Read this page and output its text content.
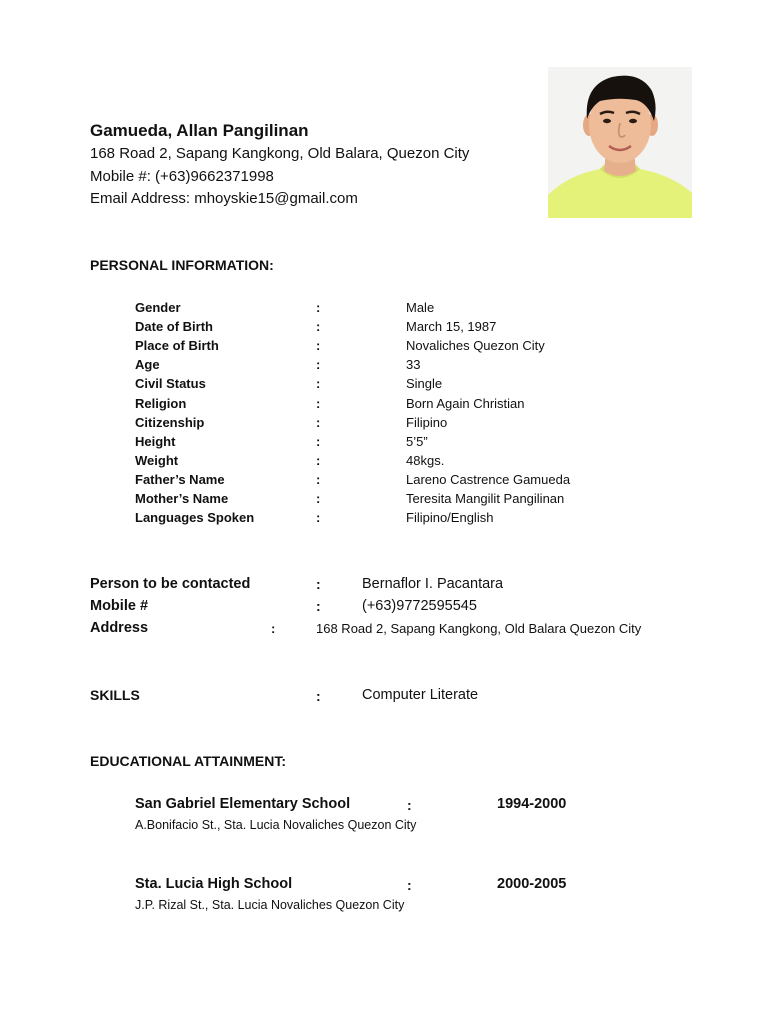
Gamueda, Allan Pangilinan
168 Road 2, Sapang Kangkong, Old Balara, Quezon City
Mobile #: (+63)9662371998
Email Address: mhoyskie15@gmail.com
PERSONAL INFORMATION:
Gender	:	Male
Date of Birth	:	March 15, 1987
Place of Birth	:	Novaliches Quezon City
Age	:	33
Civil Status	:	Single
Religion	:	Born Again Christian
Citizenship	:	Filipino
Height	:	5’5”
Weight	:	48kgs.
Father’s Name	:	Lareno Castrence Gamueda
Mother’s Name	:	Teresita Mangilit Pangilinan
Languages Spoken	:	Filipino/English
Person to be contacted	:	Bernaflor I. Pacantara
Mobile #	:	(+63)9772595545
Address	:	168 Road 2, Sapang Kangkong, Old Balara Quezon City
SKILLS	:	Computer Literate
EDUCATIONAL ATTAINMENT:
San Gabriel Elementary School	:	1994-2000
A.Bonifacio St., Sta. Lucia Novaliches Quezon City
Sta. Lucia High School	:	2000-2005
J.P. Rizal St., Sta. Lucia Novaliches Quezon City
